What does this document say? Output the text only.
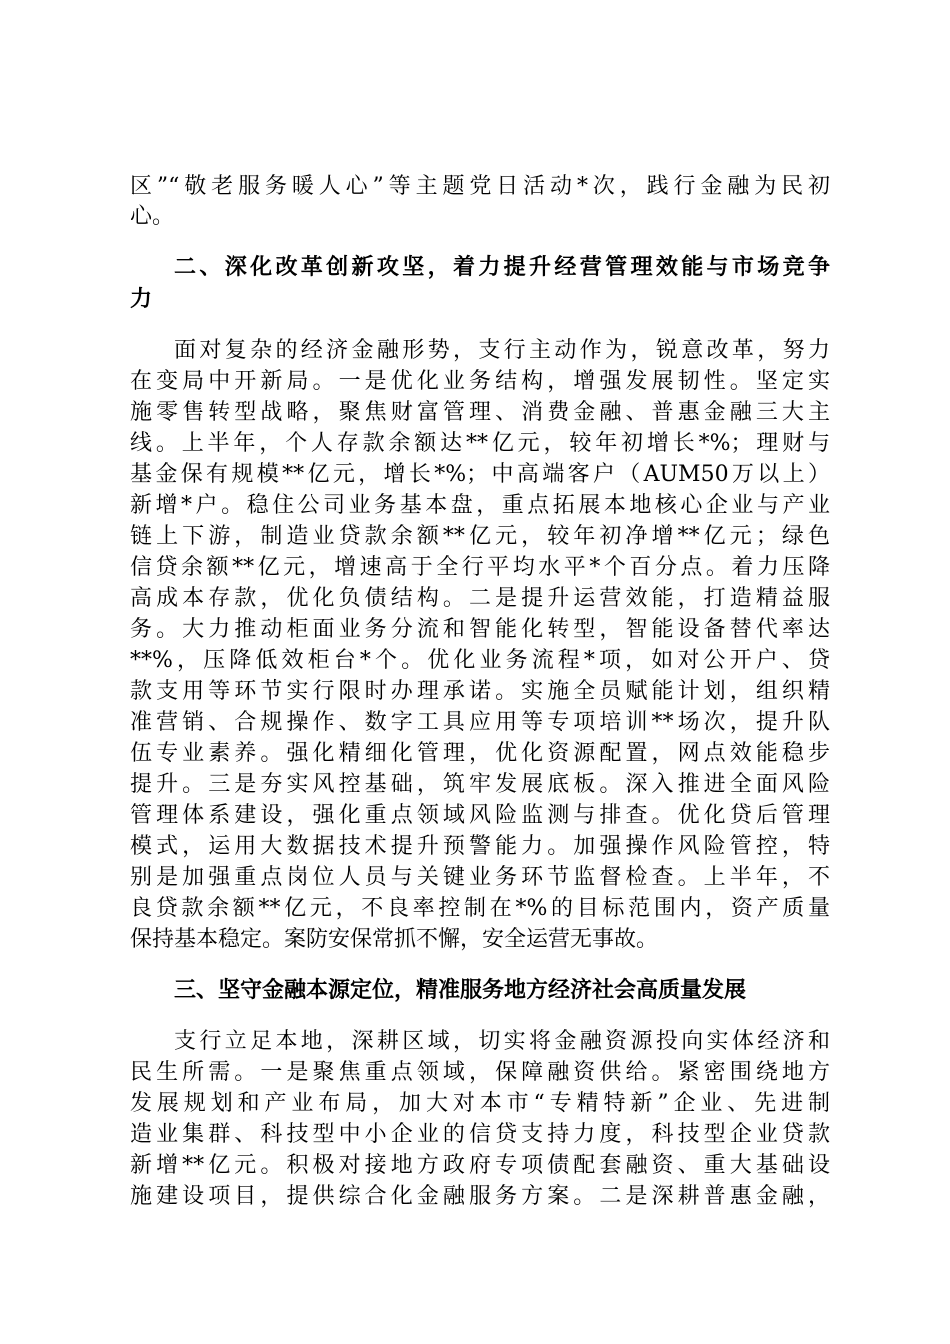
区”“敬老服务暖人心”等主题党日活动*次，践行金融为民初

心。

二、深化改革创新攻坚，着力提升经营管理效能与市场竞争

力

面对复杂的经济金融形势，支行主动作为，锐意改革，努力

在变局中开新局。一是优化业务结构，增强发展韧性。坚定实

施零售转型战略，聚焦财富管理、消费金融、普惠金融三大主

线。上半年，个人存款余额达**亿元，较年初增长*%；理财与

基金保有规模**亿元，增长*%；中高端客户（AUM50万以上）

新增*户。稳住公司业务基本盘，重点拓展本地核心企业与产业

链上下游，制造业贷款余额**亿元，较年初净增**亿元；绿色

信贷余额**亿元，增速高于全行平均水平*个百分点。着力压降

高成本存款，优化负债结构。二是提升运营效能，打造精益服

务。大力推动柜面业务分流和智能化转型，智能设备替代率达

**%，压降低效柜台*个。优化业务流程*项，如对公开户、贷

款支用等环节实行限时办理承诺。实施全员赋能计划，组织精

准营销、合规操作、数字工具应用等专项培训**场次，提升队

伍专业素养。强化精细化管理，优化资源配置，网点效能稳步

提升。三是夯实风控基础，筑牢发展底板。深入推进全面风险

管理体系建设，强化重点领域风险监测与排查。优化贷后管理

模式，运用大数据技术提升预警能力。加强操作风险管控，特

别是加强重点岗位人员与关键业务环节监督检查。上半年，不

良贷款余额**亿元，不良率控制在*%的目标范围内，资产质量

保持基本稳定。案防安保常抓不懈，安全运营无事故。

三、坚守金融本源定位，精准服务地方经济社会高质量发展

支行立足本地，深耕区域，切实将金融资源投向实体经济和

民生所需。一是聚焦重点领域，保障融资供给。紧密围绕地方

发展规划和产业布局，加大对本市“专精特新”企业、先进制

造业集群、科技型中小企业的信贷支持力度，科技型企业贷款

新增**亿元。积极对接地方政府专项债配套融资、重大基础设

施建设项目，提供综合化金融服务方案。二是深耕普惠金融，
